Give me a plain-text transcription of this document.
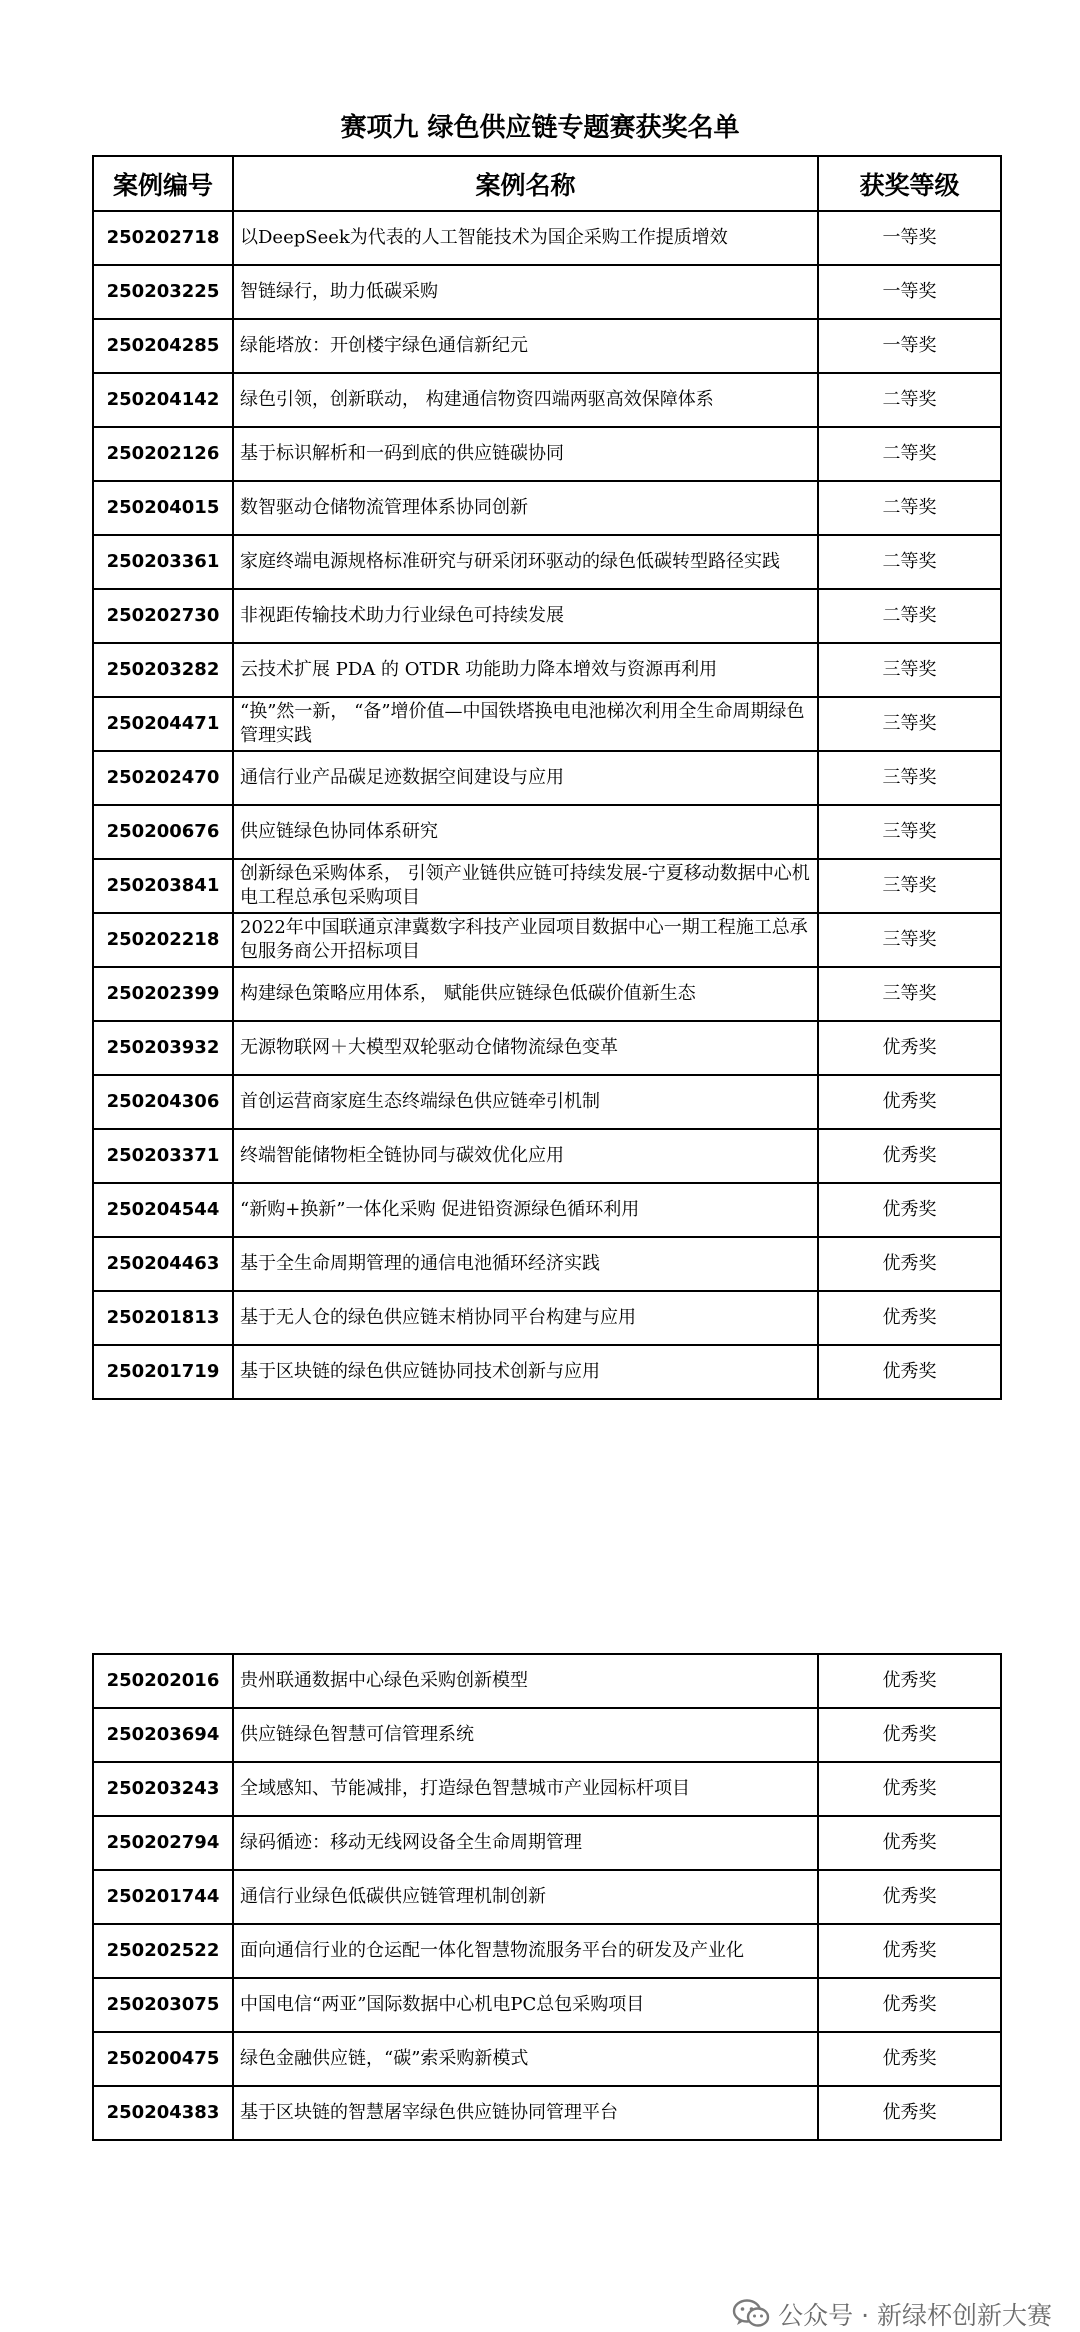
赛项九 绿色供应链专题赛获奖名单
案例编号	案例名称	获奖等级
250202718	以DeepSeek为代表的人工智能技术为国企采购工作提质增效	一等奖
250203225	智链绿行，助力低碳采购	一等奖
250204285	绿能塔放：开创楼宇绿色通信新纪元	一等奖
250204142	绿色引领，创新联动， 构建通信物资四端两驱高效保障体系	二等奖
250202126	基于标识解析和一码到底的供应链碳协同	二等奖
250204015	数智驱动仓储物流管理体系协同创新	二等奖
250203361	家庭终端电源规格标准研究与研采闭环驱动的绿色低碳转型路径实践	二等奖
250202730	非视距传输技术助力行业绿色可持续发展	二等奖
250203282	云技术扩展 PDA 的 OTDR 功能助力降本增效与资源再利用	三等奖
250204471	“换”然一新， “备”增价值—中国铁塔换电电池梯次利用全生命周期绿色管理实践	三等奖
250202470	通信行业产品碳足迹数据空间建设与应用	三等奖
250200676	供应链绿色协同体系研究	三等奖
250203841	创新绿色采购体系， 引领产业链供应链可持续发展-宁夏移动数据中心机电工程总承包采购项目	三等奖
250202218	2022年中国联通京津冀数字科技产业园项目数据中心一期工程施工总承包服务商公开招标项目	三等奖
250202399	构建绿色策略应用体系， 赋能供应链绿色低碳价值新生态	三等奖
250203932	无源物联网＋大模型双轮驱动仓储物流绿色变革	优秀奖
250204306	首创运营商家庭生态终端绿色供应链牵引机制	优秀奖
250203371	终端智能储物柜全链协同与碳效优化应用	优秀奖
250204544	“新购+换新”一体化采购 促进铅资源绿色循环利用	优秀奖
250204463	基于全生命周期管理的通信电池循环经济实践	优秀奖
250201813	基于无人仓的绿色供应链末梢协同平台构建与应用	优秀奖
250201719	基于区块链的绿色供应链协同技术创新与应用	优秀奖
250202016	贵州联通数据中心绿色采购创新模型	优秀奖
250203694	供应链绿色智慧可信管理系统	优秀奖
250203243	全域感知、节能减排，打造绿色智慧城市产业园标杆项目	优秀奖
250202794	绿码循迹：移动无线网设备全生命周期管理	优秀奖
250201744	通信行业绿色低碳供应链管理机制创新	优秀奖
250202522	面向通信行业的仓运配一体化智慧物流服务平台的研发及产业化	优秀奖
250203075	中国电信“两亚”国际数据中心机电PC总包采购项目	优秀奖
250200475	绿色金融供应链，“碳”索采购新模式	优秀奖
250204383	基于区块链的智慧屠宰绿色供应链协同管理平台	优秀奖
公众号 · 新绿杯创新大赛
